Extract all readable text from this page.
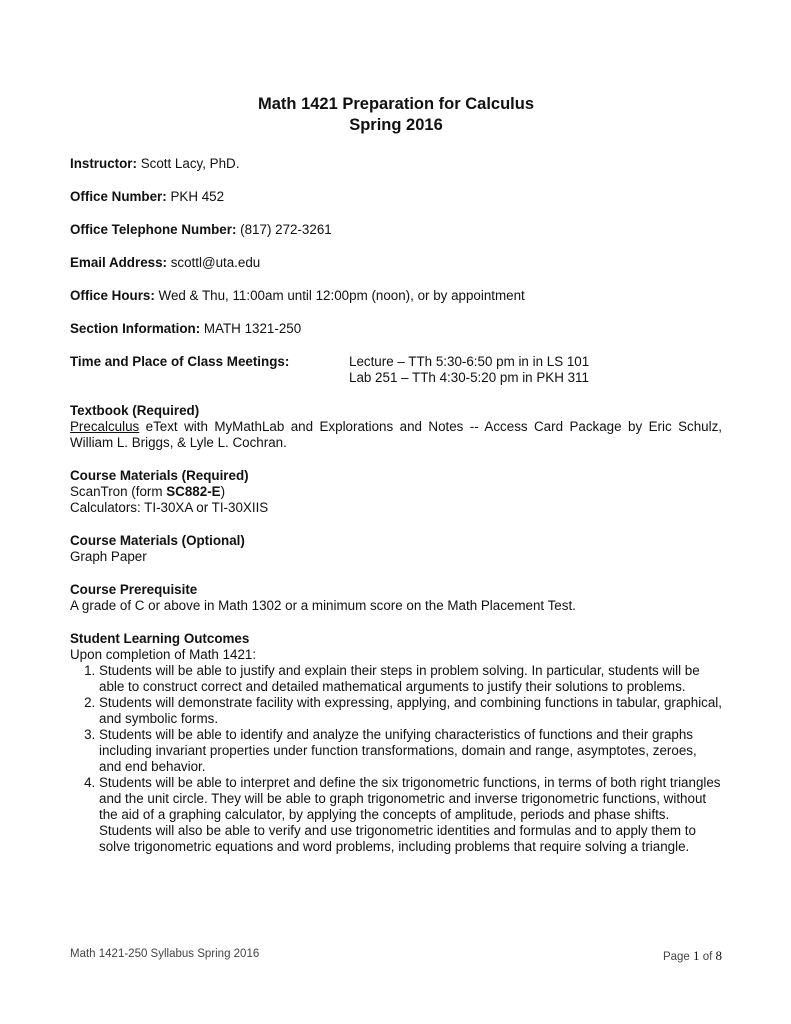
Math 1421 Preparation for Calculus

Spring 2016

Instructor: Scott Lacy, PhD.

Office Number: PKH 452

Office Telephone Number: (817) 272-3261

Email Address: scottl@uta.edu

Office Hours: Wed & Thu, 11:00am until 12:00pm (noon), or by appointment

Section Information: MATH 1321-250

Time and Place of Class Meetings:	Lecture – TTh 5:30-6:50 pm in in LS 101
Lab 251 – TTh 4:30-5:20 pm in PKH 311

Textbook (Required)

Precalculus eText with MyMathLab and Explorations and Notes -- Access Card Package by Eric Schulz, William L. Briggs, & Lyle L. Cochran.

Course Materials (Required)

ScanTron (form SC882-E)

Calculators: TI-30XA or TI-30XIIS

Course Materials (Optional)

Graph Paper

Course Prerequisite

A grade of C or above in Math 1302 or a minimum score on the Math Placement Test.

Student Learning Outcomes

Upon completion of Math 1421:

1. Students will be able to justify and explain their steps in problem solving. In particular, students will be able to construct correct and detailed mathematical arguments to justify their solutions to problems.
2. Students will demonstrate facility with expressing, applying, and combining functions in tabular, graphical, and symbolic forms.
3. Students will be able to identify and analyze the unifying characteristics of functions and their graphs including invariant properties under function transformations, domain and range, asymptotes, zeroes, and end behavior.
4. Students will be able to interpret and define the six trigonometric functions, in terms of both right triangles and the unit circle. They will be able to graph trigonometric and inverse trigonometric functions, without the aid of a graphing calculator, by applying the concepts of amplitude, periods and phase shifts. Students will also be able to verify and use trigonometric identities and formulas and to apply them to solve trigonometric equations and word problems, including problems that require solving a triangle.
Math 1421-250 Syllabus Spring 2016	Page 1 of 8
